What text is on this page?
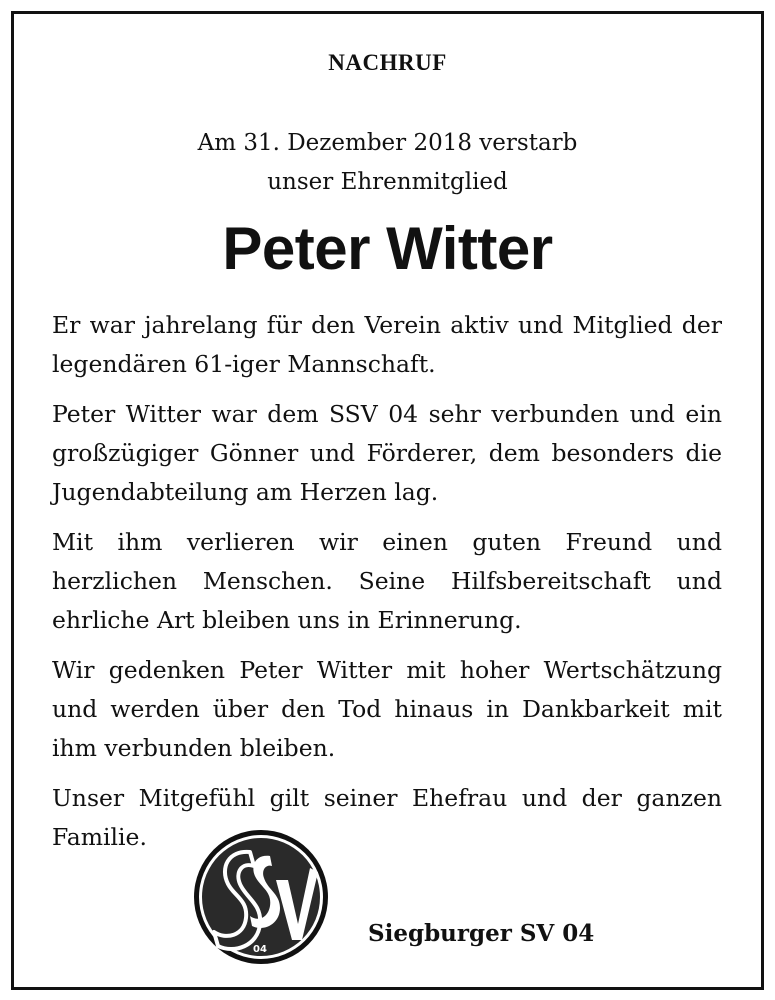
NACHRUF
Am 31. Dezember 2018 verstarb
unser Ehrenmitglied
Peter Witter

Er war jahrelang für den Verein aktiv und Mitglied der legendären 61-iger Mannschaft.

Peter Witter war dem SSV 04 sehr verbunden und ein großzügiger Gönner und Förderer, dem besonders die Jugendabteilung am Herzen lag.

Mit ihm verlieren wir einen guten Freund und herzlichen Menschen. Seine Hilfsbereitschaft und ehrliche Art bleiben uns in Erinnerung.

Wir gedenken Peter Witter mit hoher Wertschätzung und werden über den Tod hinaus in Dankbarkeit mit ihm verbunden bleiben.

Unser Mitgefühl gilt seiner Ehefrau und der ganzen Familie.

04
Siegburger SV 04
